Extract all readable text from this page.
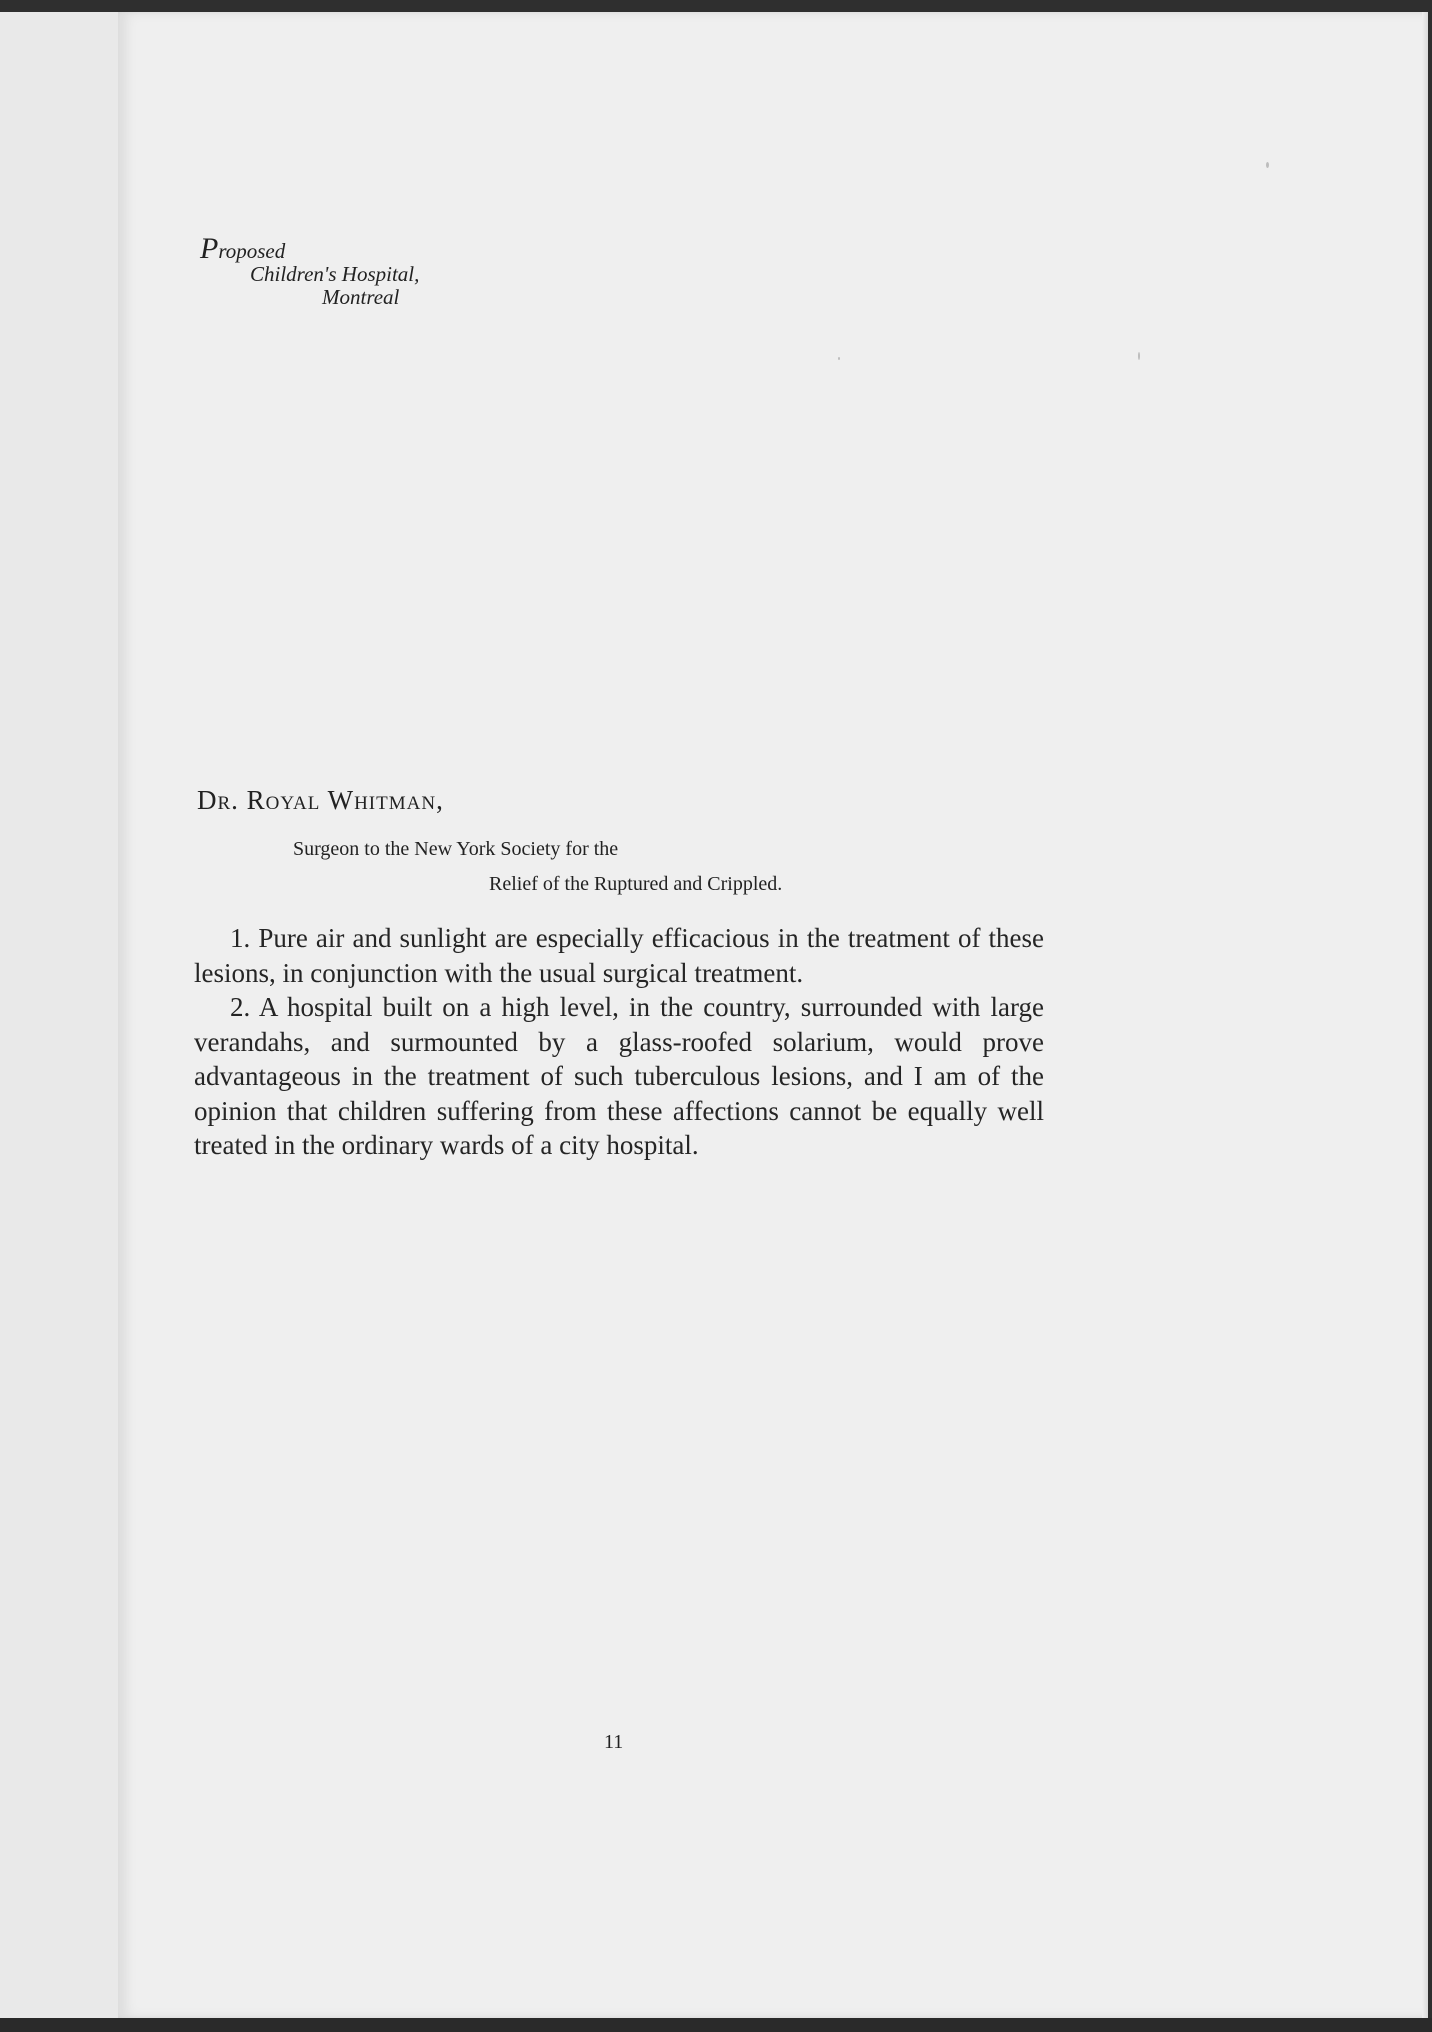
Proposed
Children's Hospital,
Montreal
Dr. Royal Whitman,
Surgeon to the New York Society for the
Relief of the Ruptured and Crippled.

1. Pure air and sunlight are especially efficacious in the treatment of these lesions, in conjunction with the usual surgical treatment.

2. A hospital built on a high level, in the country, surrounded with large verandahs, and surmounted by a glass-roofed solarium, would prove advantageous in the treatment of such tuberculous lesions, and I am of the opinion that children suffering from these affections cannot be equally well treated in the ordinary wards of a city hospital.

11
